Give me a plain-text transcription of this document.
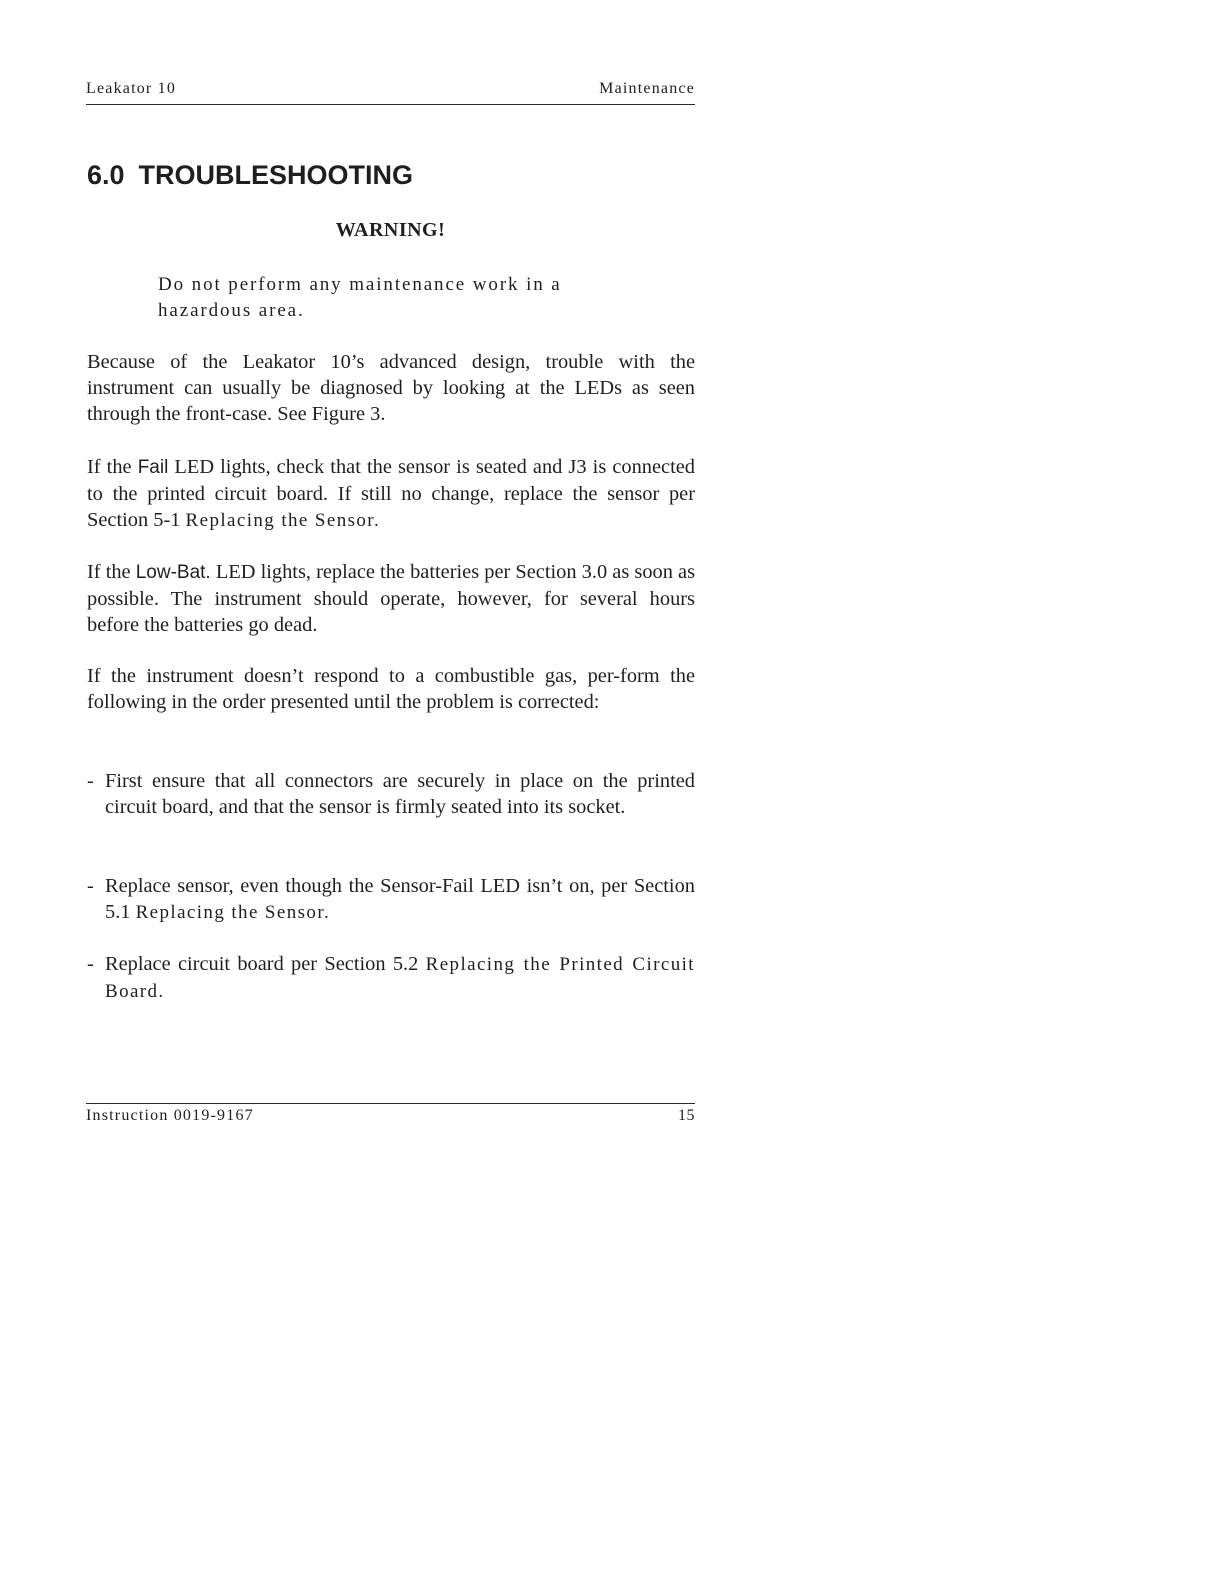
Leakator 10	Maintenance
6.0 TROUBLESHOOTING
WARNING!

Do not perform any maintenance work in a
hazardous area.

Because of the Leakator 10’s advanced design, trouble with the instrument can usually be diagnosed by looking at the LEDs as seen through the front-case. See Figure 3.

If the Fail LED lights, check that the sensor is seated and J3 is connected to the printed circuit board. If still no change, replace the sensor per Section 5-1 Replacing the Sensor.

If the Low-Bat. LED lights, replace the batteries per Section 3.0 as soon as possible. The instrument should operate, however, for several hours before the batteries go dead.

If the instrument doesn’t respond to a combustible gas, per-form the following in the order presented until the problem is corrected:

- First ensure that all connectors are securely in place on the printed circuit board, and that the sensor is firmly seated into its socket.
- Replace sensor, even though the Sensor-Fail LED isn’t on, per Section 5.1 Replacing the Sensor.
- Replace circuit board per Section 5.2 Replacing the Printed Circuit Board.
Instruction 0019-9167	15
